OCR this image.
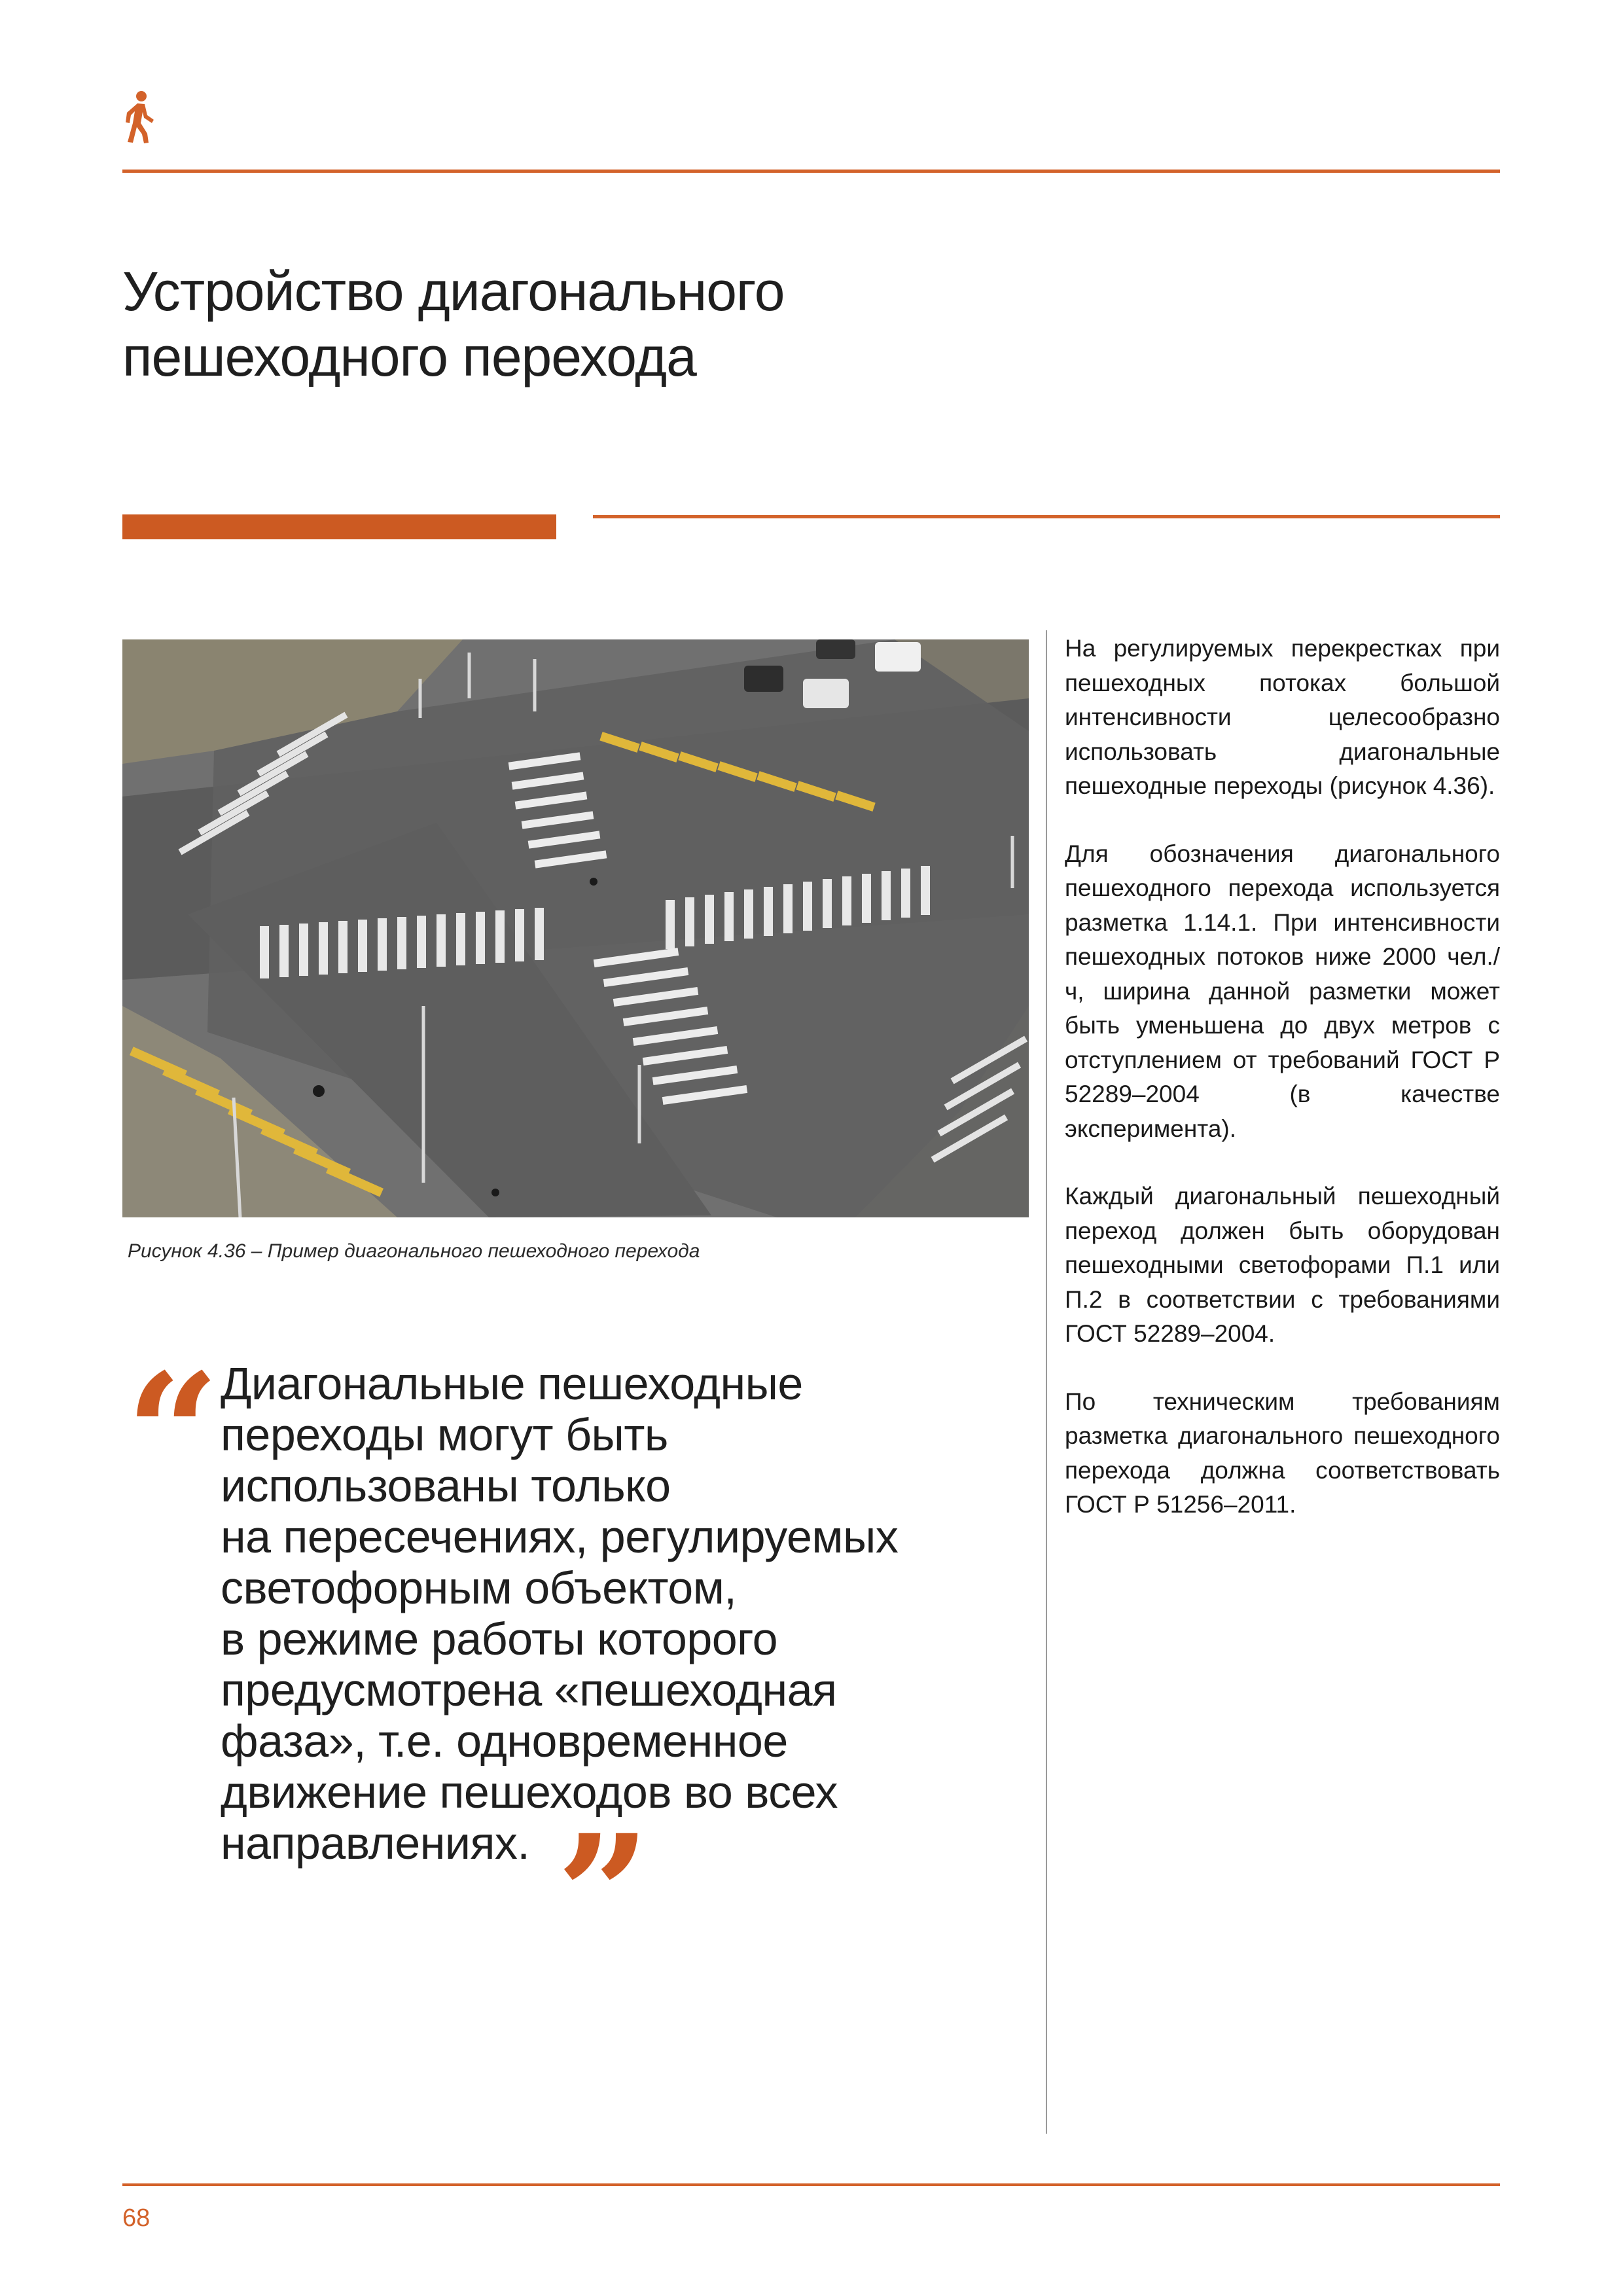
Устройство диагонального
пешеходного перехода
Рисунок 4.36 – Пример диагонального пешеходного перехода
“ Диагональные пешеходные
переходы могут быть
использованы только
на пересечениях, регулируемых
светофорным объектом,
в режиме работы которого
предусмотрена «пешеходная
фаза», т.е. одновременное
движение пешеходов во всех
направлениях. ”

На регулируемых перекрестках при пешеходных потоках большой интенсивности целесообразно использовать диагональные пешеходные переходы (рисунок 4.36).

Для обозначения диагонального пешеходного перехода используется разметка 1.14.1. При интенсивности пешеходных потоков ниже 2000 чел./ч, ширина данной разметки может быть уменьшена до двух метров с отступлением от требований ГОСТ Р 52289–2004 (в качестве эксперимента).

Каждый диагональный пешеходный переход должен быть оборудован пешеходными светофорами П.1 или П.2 в соответствии с требованиями ГОСТ 52289–2004.

По техническим требованиям разметка диагонального пешеходного перехода должна соответствовать ГОСТ Р 51256–2011.

68
